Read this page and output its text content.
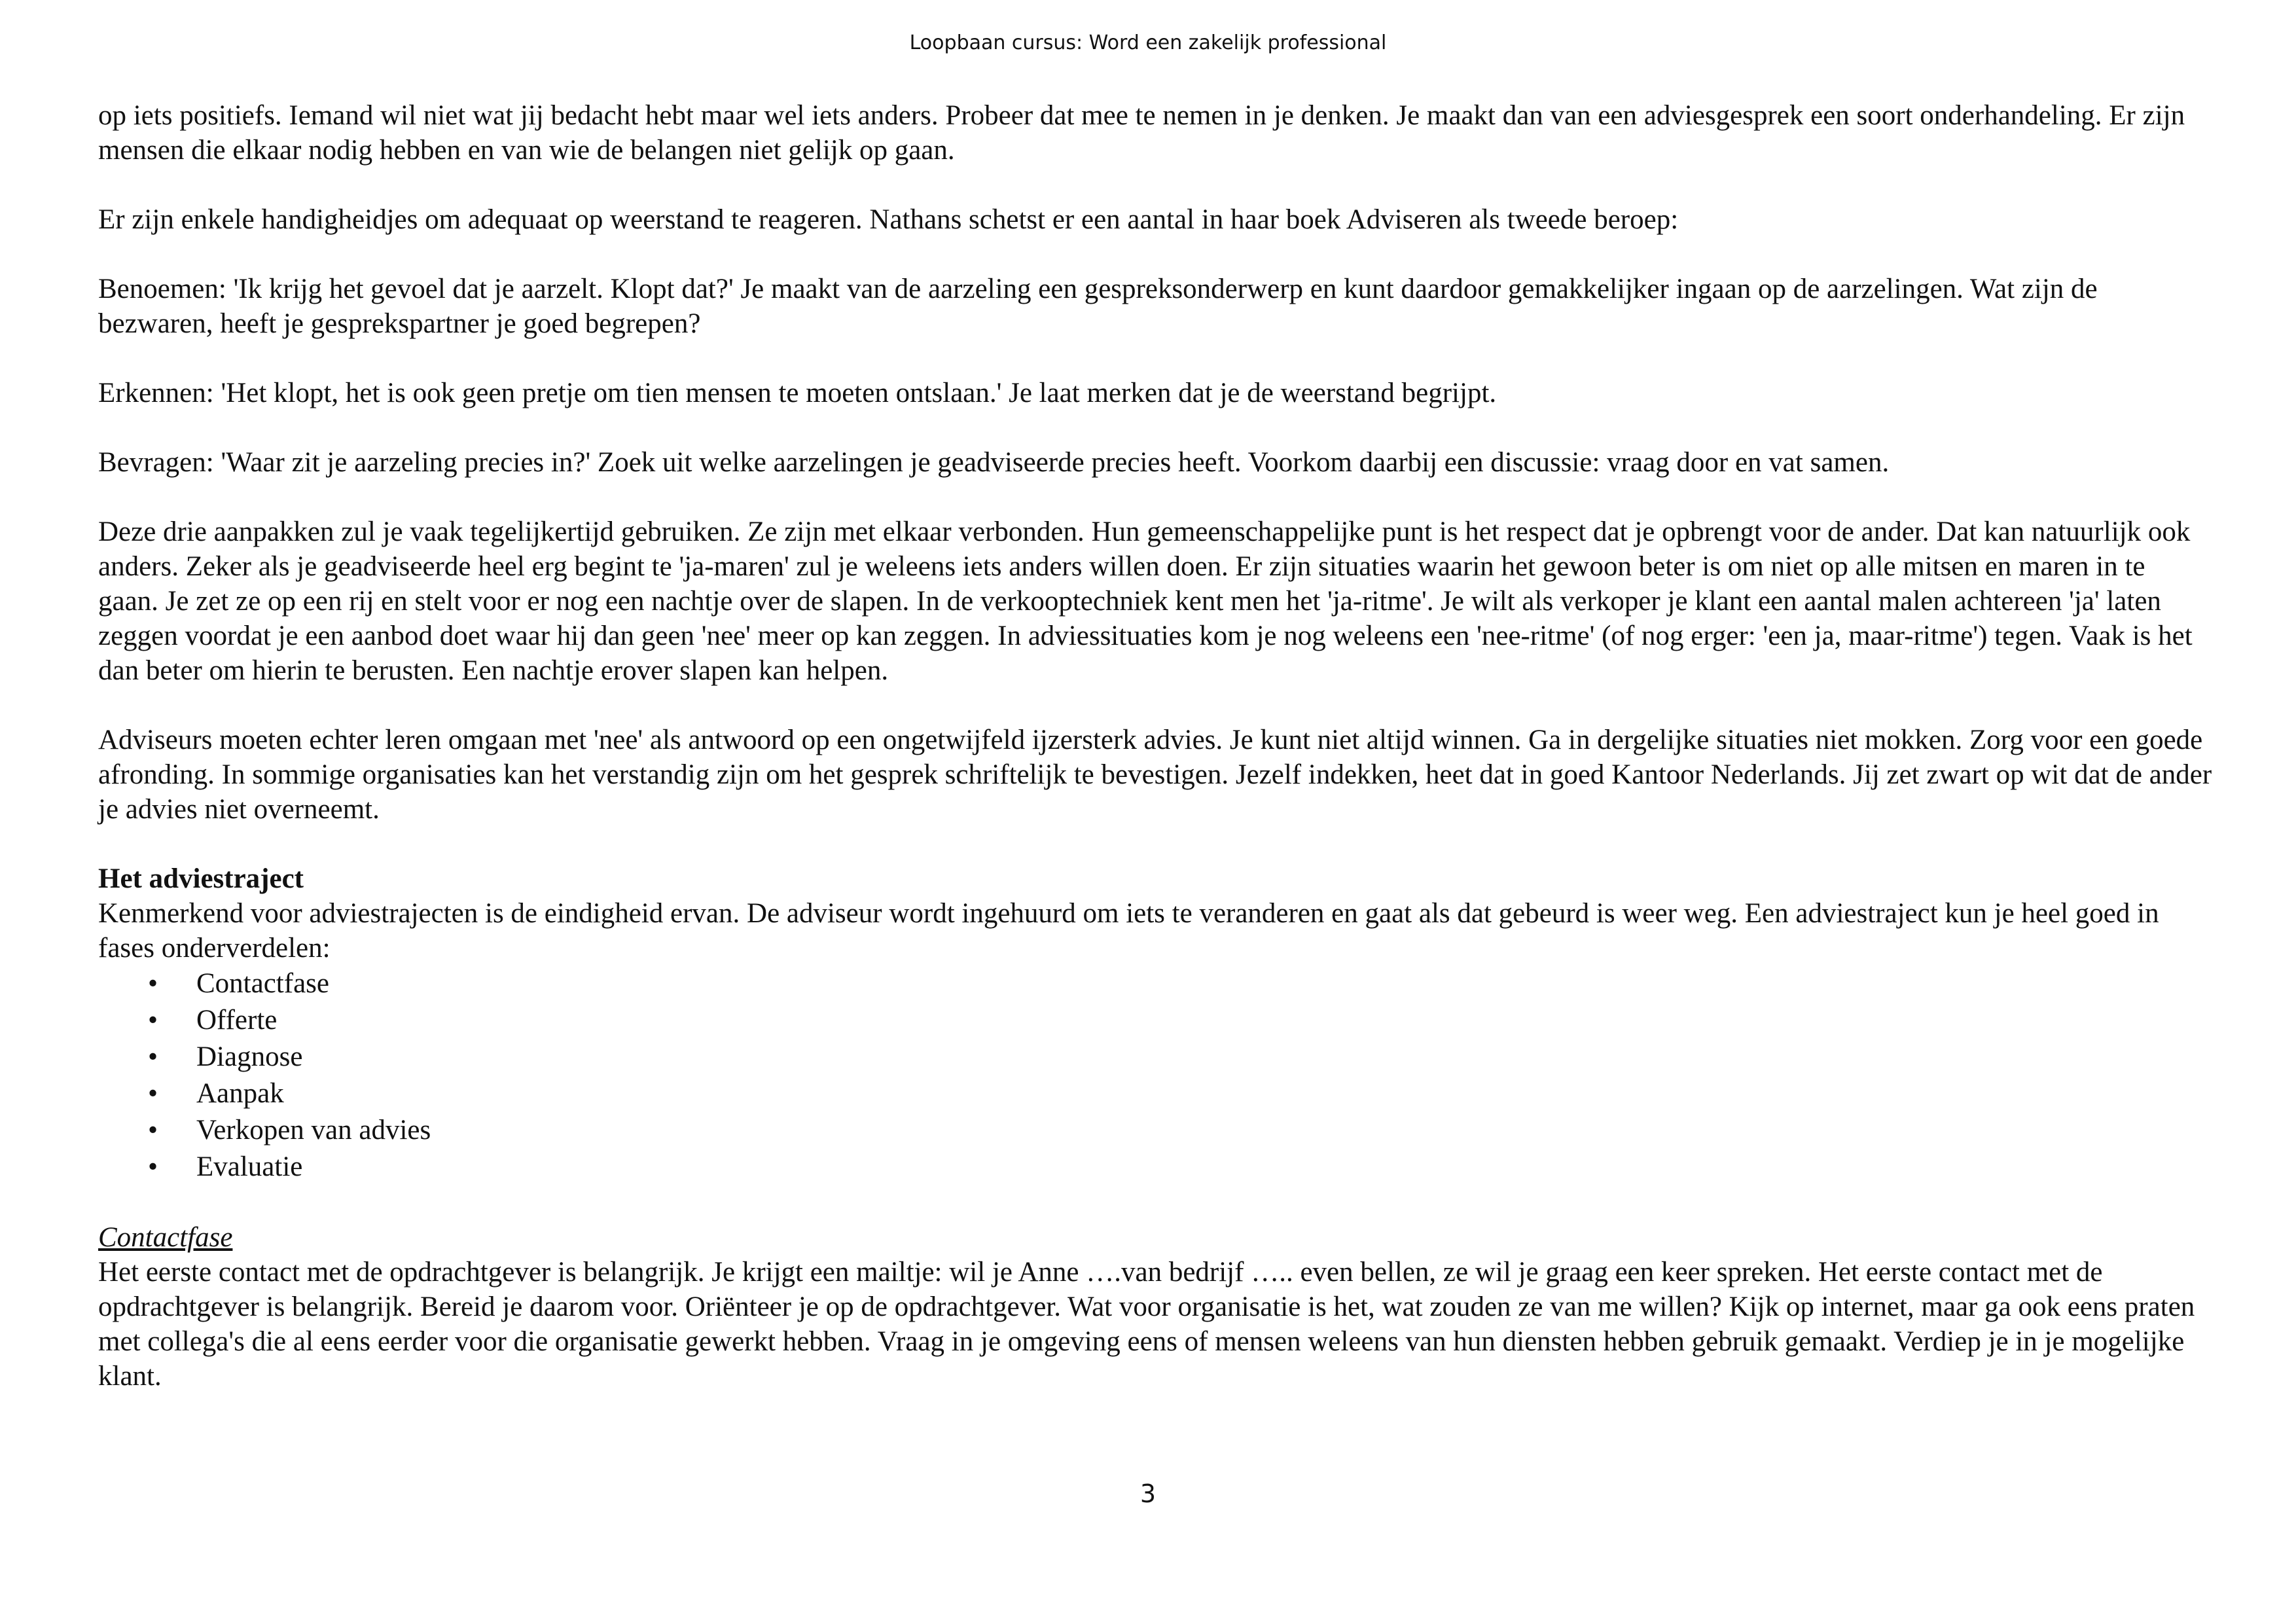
Loopbaan cursus: Word een zakelijk professional

op iets positiefs. Iemand wil niet wat jij bedacht hebt maar wel iets anders. Probeer dat mee te nemen in je denken. Je maakt dan van een adviesgesprek een soort onderhandeling. Er zijn mensen die elkaar nodig hebben en van wie de belangen niet gelijk op gaan.

Er zijn enkele handigheidjes om adequaat op weerstand te reageren. Nathans schetst er een aantal in haar boek Adviseren als tweede beroep:

Benoemen: 'Ik krijg het gevoel dat je aarzelt. Klopt dat?' Je maakt van de aarzeling een gespreksonderwerp en kunt daardoor gemakkelijker ingaan op de aarzelingen. Wat zijn de bezwaren, heeft je gesprekspartner je goed begrepen?

Erkennen: 'Het klopt, het is ook geen pretje om tien mensen te moeten ontslaan.' Je laat merken dat je de weerstand begrijpt.

Bevragen: 'Waar zit je aarzeling precies in?' Zoek uit welke aarzelingen je geadviseerde precies heeft. Voorkom daarbij een discussie: vraag door en vat samen.

Deze drie aanpakken zul je vaak tegelijkertijd gebruiken. Ze zijn met elkaar verbonden. Hun gemeenschappelijke punt is het respect dat je opbrengt voor de ander. Dat kan natuurlijk ook anders. Zeker als je geadviseerde heel erg begint te 'ja-maren' zul je weleens iets anders willen doen. Er zijn situaties waarin het gewoon beter is om niet op alle mitsen en maren in te gaan. Je zet ze op een rij en stelt voor er nog een nachtje over de slapen. In de verkooptechniek kent men het 'ja-ritme'. Je wilt als verkoper je klant een aantal malen achtereen 'ja' laten zeggen voordat je een aanbod doet waar hij dan geen 'nee' meer op kan zeggen. In adviessituaties kom je nog weleens een 'nee-ritme' (of nog erger: 'een ja, maar-ritme') tegen. Vaak is het dan beter om hierin te berusten. Een nachtje erover slapen kan helpen.

Adviseurs moeten echter leren omgaan met 'nee' als antwoord op een ongetwijfeld ijzersterk advies. Je kunt niet altijd winnen. Ga in dergelijke situaties niet mokken. Zorg voor een goede afronding. In sommige organisaties kan het verstandig zijn om het gesprek schriftelijk te bevestigen. Jezelf indekken, heet dat in goed Kantoor Nederlands. Jij zet zwart op wit dat de ander je advies niet overneemt.

Het adviestraject

Kenmerkend voor adviestrajecten is de eindigheid ervan. De adviseur wordt ingehuurd om iets te veranderen en gaat als dat gebeurd is weer weg. Een adviestraject kun je heel goed in fases onderverdelen:

•	Contactfase
•	Offerte
•	Diagnose
•	Aanpak
•	Verkopen van advies
•	Evaluatie
Contactfase

Het eerste contact met de opdrachtgever is belangrijk. Je krijgt een mailtje: wil je Anne ….van bedrijf ….. even bellen, ze wil je graag een keer spreken. Het eerste contact met de opdrachtgever is belangrijk. Bereid je daarom voor. Oriënteer je op de opdrachtgever. Wat voor organisatie is het, wat zouden ze van me willen? Kijk op internet, maar ga ook eens praten met collega's die al eens eerder voor die organisatie gewerkt hebben. Vraag in je omgeving eens of mensen weleens van hun diensten hebben gebruik gemaakt. Verdiep je in je mogelijke klant.

3
